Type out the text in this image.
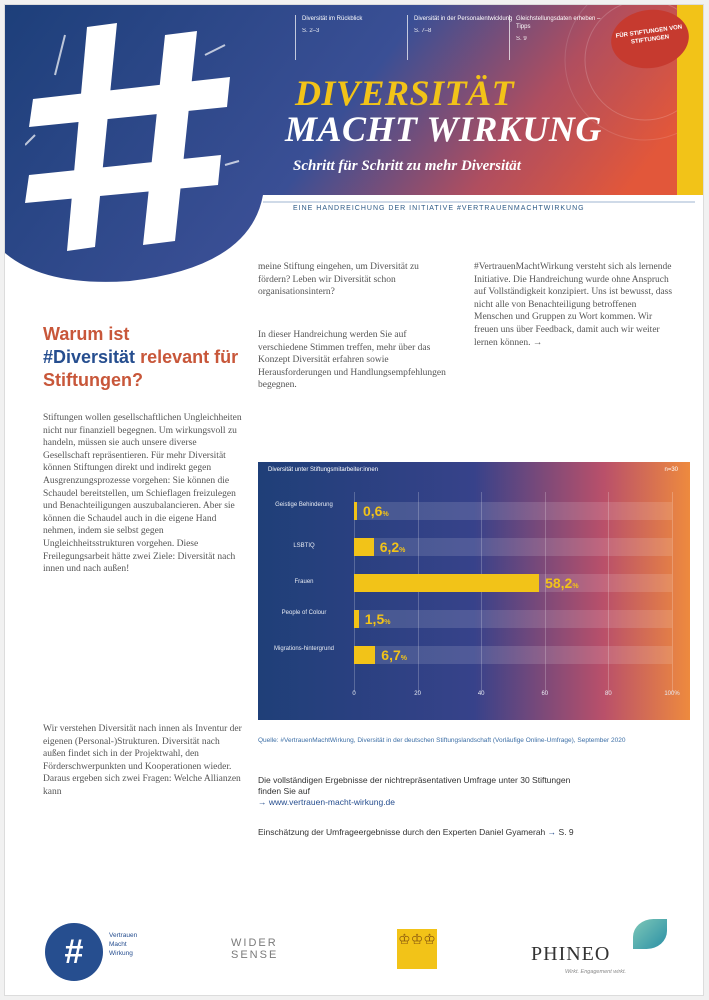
Diversität im Rückblick
S. 2–3
Diversität in der Personalentwicklung
S. 7–8
Gleichstellungsdaten erheben – Tipps
S. 9	FÜR STIFTUNGEN VON STIFTUNGEN
DIVERSITÄT
MACHT WIRKUNG
Schritt für Schritt zu mehr Diversität
EINE HANDREICHUNG DER INITIATIVE #VERTRAUENMACHTWIRKUNG
Warum ist
#Diversität relevant für Stiftungen?
Stiftungen wollen gesellschaftlichen Ungleichheiten nicht nur finanziell begegnen. Um wirkungsvoll zu handeln, müssen sie auch unsere diverse Gesellschaft repräsentieren. Für mehr Diversität können Stiftungen direkt und indirekt gegen Ausgrenzungsprozesse vorgehen: Sie können die Schaudel bereitstellen, um Schieflagen freizulegen und Benachteiligungen auszubalancieren. Aber sie können die Schaudel auch in die eigene Hand nehmen, indem sie selbst gegen Ungleichheitsstrukturen vorgehen. Diese Freilegungsarbeit hätte zwei Ziele: Diversität nach innen und nach außen!
Wir verstehen Diversität nach innen als Inventur der eigenen (Personal-)Strukturen. Diversität nach außen findet sich in der Projektwahl, den Förderschwerpunkten und Kooperationen wieder. Daraus ergeben sich zwei Fragen: Welche Allianzen kann
meine Stiftung eingehen, um Diversität zu fördern? Leben wir Diversität schon organisationsintern?
In dieser Handreichung werden Sie auf verschiedene Stimmen treffen, mehr über das Konzept Diversität erfahren sowie Herausforderungen und Handlungsempfehlungen begegnen.
#VertrauenMachtWirkung versteht sich als lernende Initiative. Die Handreichung wurde ohne Anspruch auf Vollständigkeit konzipiert. Uns ist bewusst, dass nicht alle von Benachteiligung betroffenen Menschen und Gruppen zu Wort kommen. Wir freuen uns über Feedback, damit auch wir weiter lernen können. →
Diversität unter Stiftungsmitarbeiter:innen	n=30
0	20	40	60	80	100%
Geistige Behinderung	0,6%
LSBTIQ	6,2%
Frauen	58,2%
People of Colour	1,5%
Migrations-hintergrund	6,7%
Quelle: #VertrauenMachtWirkung, Diversität in der deutschen Stiftungslandschaft (Vorläufige Online-Umfrage), September 2020
Die vollständigen Ergebnisse der nichtrepräsentativen Umfrage unter 30 Stiftungen finden Sie auf
→ www.vertrauen-macht-wirkung.de
Einschätzung der Umfrageergebnisse durch den Experten Daniel Gyamerah → S. 9
#	Vertrauen
Macht
Wirkung
WIDER
SENSE
♔♔♔
PHINEO
Wirkt. Engagement wirkt.
